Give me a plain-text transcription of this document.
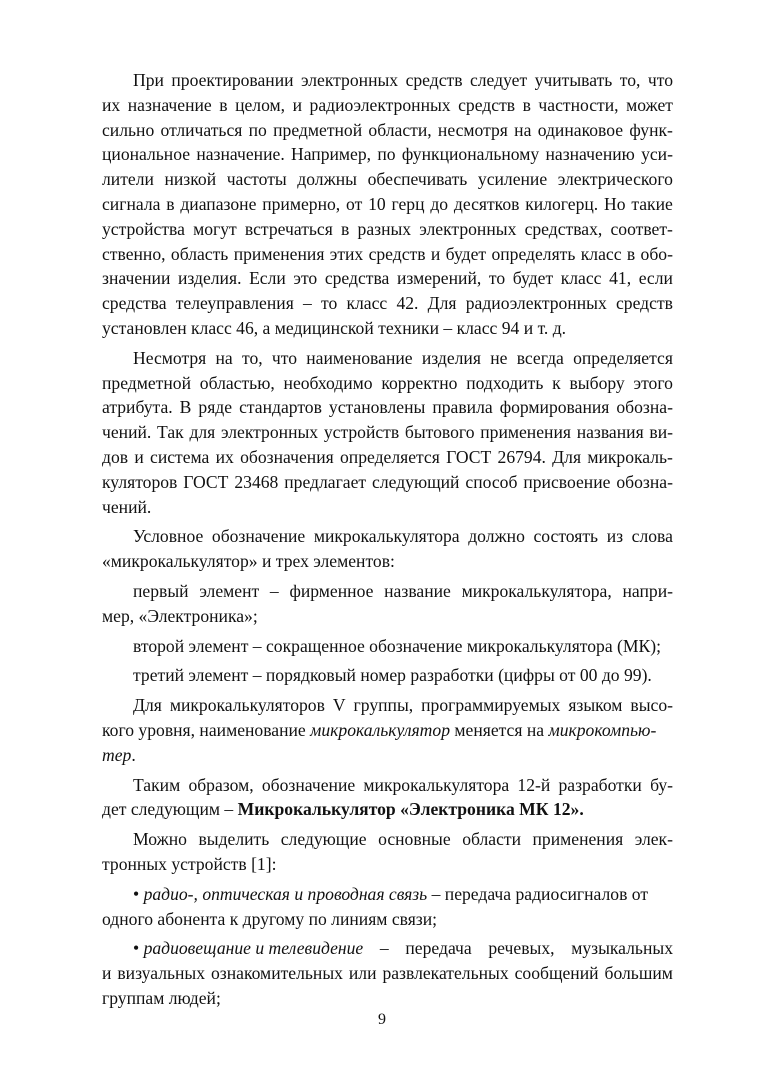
При проектировании электронных средств следует учитывать то, что
их назначение в целом, и радиоэлектронных средств в частности, может
сильно отличаться по предметной области, несмотря на одинаковое функ-
циональное назначение. Например, по функциональному назначению уси-
лители низкой частоты должны обеспечивать усиление электрического
сигнала в диапазоне примерно, от 10 герц до десятков килогерц. Но такие
устройства могут встречаться в разных электронных средствах, соответ-
ственно, область применения этих средств и будет определять класс в обо-
значении изделия. Если это средства измерений, то будет класс 41, если
средства телеуправления – то класс 42. Для радиоэлектронных средств
установлен класс 46, а медицинской техники – класс 94 и т. д.
Несмотря на то, что наименование изделия не всегда определяется
предметной областью, необходимо корректно подходить к выбору этого
атрибута. В ряде стандартов установлены правила формирования обозна-
чений. Так для электронных устройств бытового применения названия ви-
дов и система их обозначения определяется ГОСТ 26794. Для микрокаль-
куляторов ГОСТ 23468 предлагает следующий способ присвоение обозна-
чений.
Условное обозначение микрокалькулятора должно состоять из слова
«микрокалькулятор» и трех элементов:
первый элемент – фирменное название микрокалькулятора, напри-
мер, «Электроника»;
второй элемент – сокращенное обозначение микрокалькулятора (МК);
третий элемент – порядковый номер разработки (цифры от 00 до 99).
Для микрокалькуляторов V группы, программируемых языком высо-
кого уровня, наименование микрокалькулятор меняется на микрокомпью-
тер.
Таким образом, обозначение микрокалькулятора 12-й разработки бу-
дет следующим – Микрокалькулятор «Электроника МК 12».
Можно выделить следующие основные области применения элек-
тронных устройств [1]:
• радио-, оптическая и проводная связь – передача радиосигналов от
одного абонента к другому по линиям связи;
• радиовещание и телевидение – передача речевых, музыкальных
и визуальных ознакомительных или развлекательных сообщений большим
группам людей;
9
